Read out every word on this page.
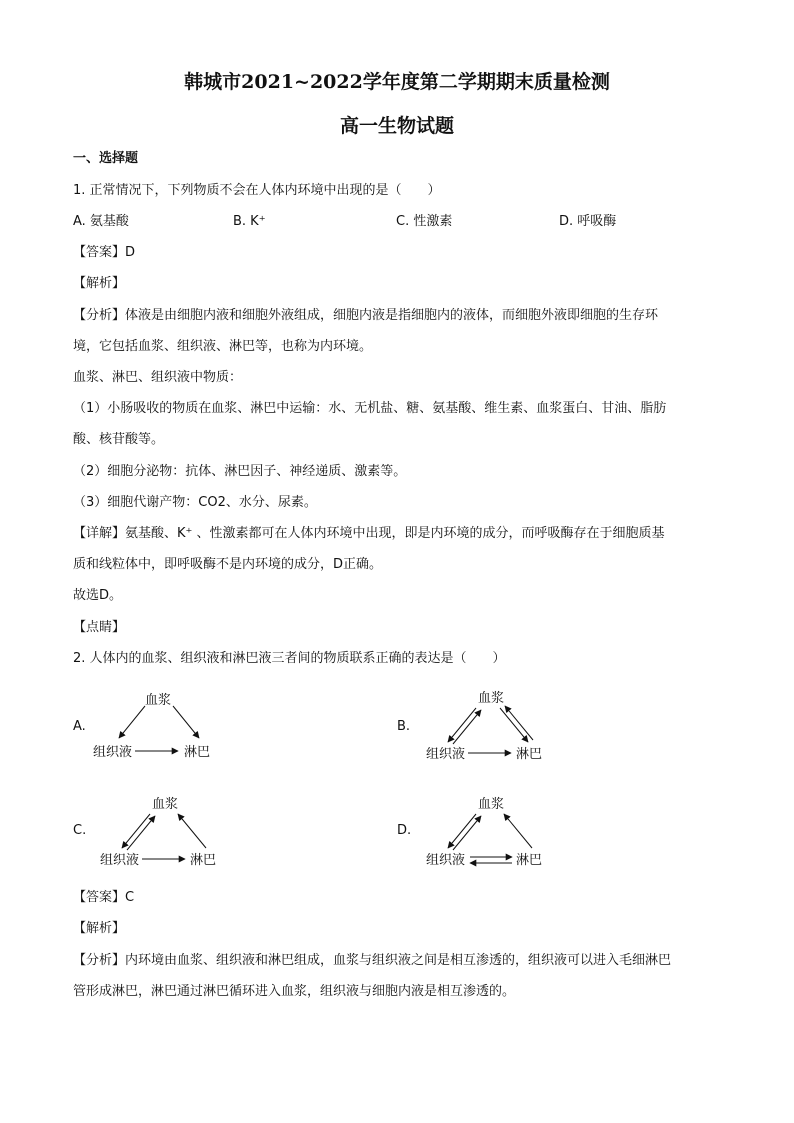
韩城市2021~2022学年度第二学期期末质量检测
高一生物试题
一、选择题
1. 正常情况下，下列物质不会在人体内环境中出现的是（　　）
A. 氨基酸	B. K⁺	C. 性激素	D. 呼吸酶
【答案】D
【解析】
【分析】体液是由细胞内液和细胞外液组成，细胞内液是指细胞内的液体，而细胞外液即细胞的生存环
境，它包括血浆、组织液、淋巴等，也称为内环境。
血浆、淋巴、组织液中物质：
（1）小肠吸收的物质在血浆、淋巴中运输：水、无机盐、糖、氨基酸、维生素、血浆蛋白、甘油、脂肪
酸、核苷酸等。
（2）细胞分泌物：抗体、淋巴因子、神经递质、激素等。
（3）细胞代谢产物：CO2、水分、尿素。
【详解】氨基酸、K⁺ 、性激素都可在人体内环境中出现，即是内环境的成分，而呼吸酶存在于细胞质基
质和线粒体中，即呼吸酶不是内环境的成分，D正确。
故选D。
【点睛】
2. 人体内的血浆、组织液和淋巴液三者间的物质联系正确的表达是（　　）
A.
血浆
组织液	淋巴
B.
血浆
组织液	淋巴
C.
血浆
组织液	淋巴
D.
血浆
组织液	淋巴
【答案】C
【解析】
【分析】内环境由血浆、组织液和淋巴组成，血浆与组织液之间是相互渗透的，组织液可以进入毛细淋巴
管形成淋巴，淋巴通过淋巴循环进入血浆，组织液与细胞内液是相互渗透的。
